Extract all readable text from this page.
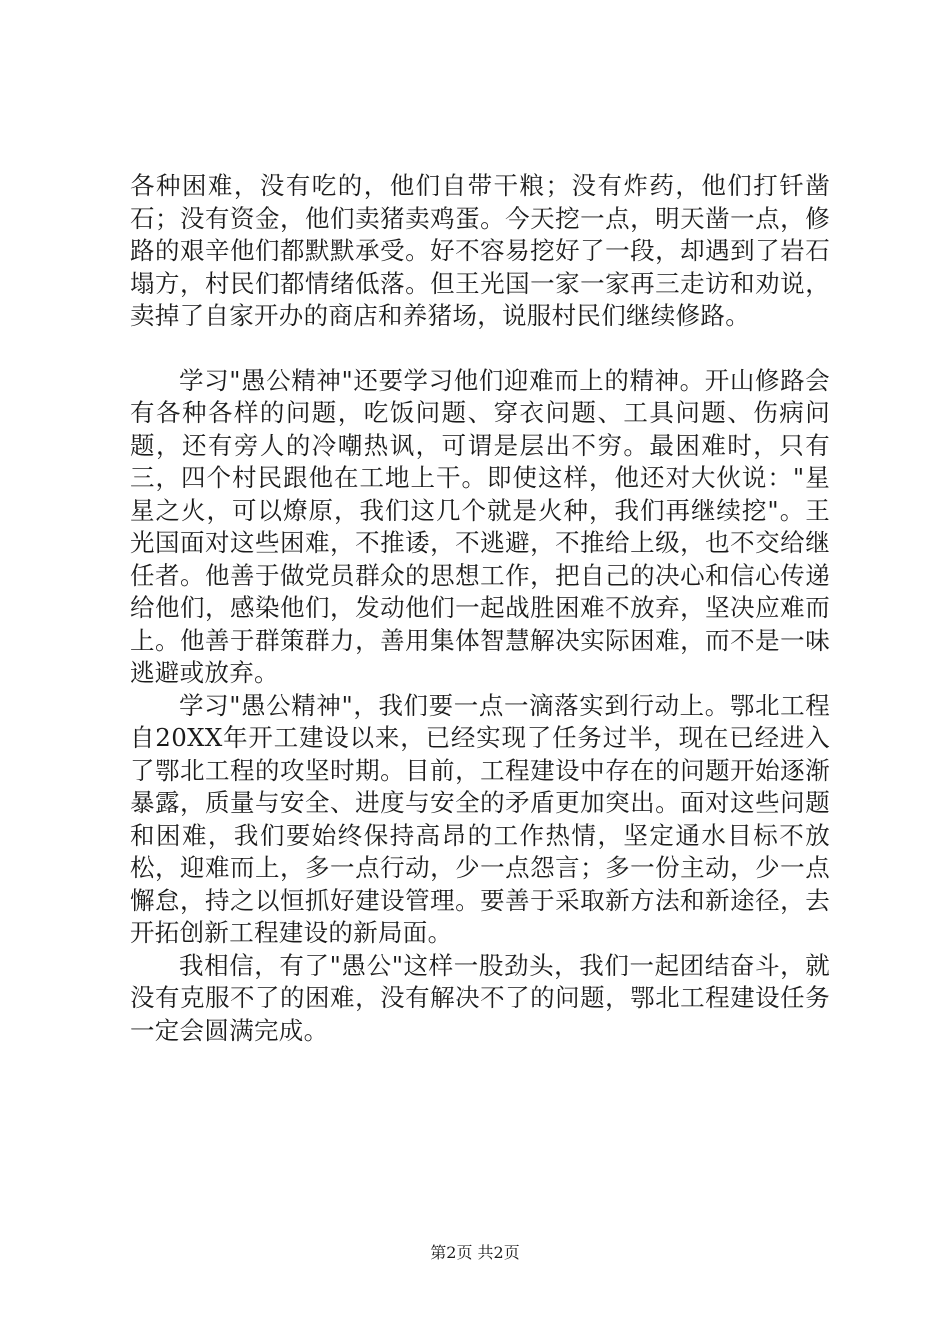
各种困难，没有吃的，他们自带干粮；没有炸药，他们打钎凿石；没有资金，他们卖猪卖鸡蛋。今天挖一点，明天凿一点，修路的艰辛他们都默默承受。好不容易挖好了一段，却遇到了岩石塌方，村民们都情绪低落。但王光国一家一家再三走访和劝说，卖掉了自家开办的商店和养猪场，说服村民们继续修路。

学习"愚公精神"还要学习他们迎难而上的精神。开山修路会有各种各样的问题，吃饭问题、穿衣问题、工具问题、伤病问题，还有旁人的冷嘲热讽，可谓是层出不穷。最困难时，只有三，四个村民跟他在工地上干。即使这样，他还对大伙说："星星之火，可以燎原，我们这几个就是火种，我们再继续挖"。王光国面对这些困难，不推诿，不逃避，不推给上级，也不交给继任者。他善于做党员群众的思想工作，把自己的决心和信心传递给他们，感染他们，发动他们一起战胜困难不放弃，坚决应难而上。他善于群策群力，善用集体智慧解决实际困难，而不是一味逃避或放弃。

学习"愚公精神"，我们要一点一滴落实到行动上。鄂北工程自20XX年开工建设以来，已经实现了任务过半，现在已经进入了鄂北工程的攻坚时期。目前，工程建设中存在的问题开始逐渐暴露，质量与安全、进度与安全的矛盾更加突出。面对这些问题和困难，我们要始终保持高昂的工作热情，坚定通水目标不放松，迎难而上，多一点行动，少一点怨言；多一份主动，少一点懈怠，持之以恒抓好建设管理。要善于采取新方法和新途径，去开拓创新工程建设的新局面。

我相信，有了"愚公"这样一股劲头，我们一起团结奋斗，就没有克服不了的困难，没有解决不了的问题，鄂北工程建设任务一定会圆满完成。

第2页 共2页
